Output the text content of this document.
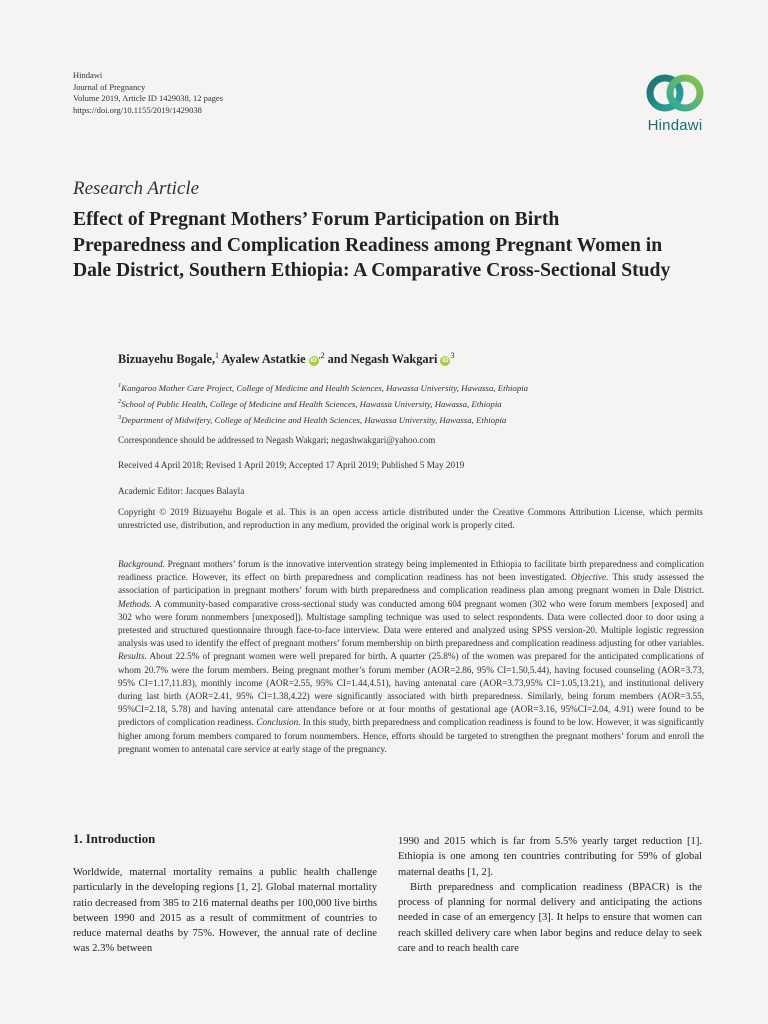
Hindawi
Journal of Pregnancy
Volume 2019, Article ID 1429038, 12 pages
https://doi.org/10.1155/2019/1429038
Hindawi
Research Article
Effect of Pregnant Mothers’ Forum Participation on Birth Preparedness and Complication Readiness among Pregnant Women in Dale District, Southern Ethiopia: A Comparative Cross-Sectional Study
Bizuayehu Bogale,$^1$ Ayalew Astatkie $iD^{,2}$ and Negash Wakgari $iD^3$
$^1$Kangaroo Mother Care Project, College of Medicine and Health Sciences, Hawassa University, Hawassa, Ethiopia
$^2$School of Public Health, College of Medicine and Health Sciences, Hawassa University, Hawassa, Ethiopia
$^3$Department of Midwifery, College of Medicine and Health Sciences, Hawassa University, Hawassa, Ethiopia
Correspondence should be addressed to Negash Wakgari; negashwakgari@yahoo.com
Received 4 April 2018; Revised 1 April 2019; Accepted 17 April 2019; Published 5 May 2019
Academic Editor: Jacques Balayla
Copyright © 2019 Bizuayehu Bogale et al. This is an open access article distributed under the Creative Commons Attribution License, which permits unrestricted use, distribution, and reproduction in any medium, provided the original work is properly cited.
Background. Pregnant mothers’ forum is the innovative intervention strategy being implemented in Ethiopia to facilitate birth preparedness and complication readiness practice. However, its effect on birth preparedness and complication readiness has not been investigated. Objective. This study assessed the association of participation in pregnant mothers’ forum with birth preparedness and complication readiness plan among pregnant women in Dale District. Methods. A community-based comparative cross-sectional study was conducted among 604 pregnant women (302 who were forum members [exposed] and 302 who were forum nonmembers [unexposed]). Multistage sampling technique was used to select respondents. Data were collected door to door using a pretested and structured questionnaire through face-to-face interview. Data were entered and analyzed using SPSS version-20. Multiple logistic regression analysis was used to identify the effect of pregnant mothers’ forum membership on birth preparedness and complication readiness adjusting for other variables. Results. About 22.5% of pregnant women were well prepared for birth. A quarter (25.8%) of the women was prepared for the anticipated complications of whom 20.7% were the forum members. Being pregnant mother’s forum member (AOR=2.86, 95% CI=1.50,5.44), having focused counseling (AOR=3.73, 95% CI=1.17,11.83), monthly income (AOR=2.55, 95% CI=1.44,4.51), having antenatal care (AOR=3.73,95% CI=1.05,13.21), and institutional delivery during last birth (AOR=2.41, 95% CI=1.38,4.22) were significantly associated with birth preparedness. Similarly, being forum members (AOR=3.55, 95%CI=2.18, 5.78) and having antenatal care attendance before or at four months of gestational age (AOR=3.16, 95%CI=2.04, 4.91) were found to be predictors of complication readiness. Conclusion. In this study, birth preparedness and complication readiness is found to be low. However, it was significantly higher among forum members compared to forum nonmembers. Hence, efforts should be targeted to strengthen the pregnant mothers’ forum and enroll the pregnant women to antenatal care service at early stage of the pregnancy.
1. Introduction

Worldwide, maternal mortality remains a public health challenge particularly in the developing regions [1, 2]. Global maternal mortality ratio decreased from 385 to 216 maternal deaths per 100,000 live births between 1990 and 2015 as a result of commitment of countries to reduce maternal deaths by 75%. However, the annual rate of decline was 2.3% between

1990 and 2015 which is far from 5.5% yearly target reduction [1]. Ethiopia is one among ten countries contributing for 59% of global maternal deaths [1, 2].

Birth preparedness and complication readiness (BPACR) is the process of planning for normal delivery and anticipating the actions needed in case of an emergency [3]. It helps to ensure that women can reach skilled delivery care when labor begins and reduce delay to seek care and to reach health care
